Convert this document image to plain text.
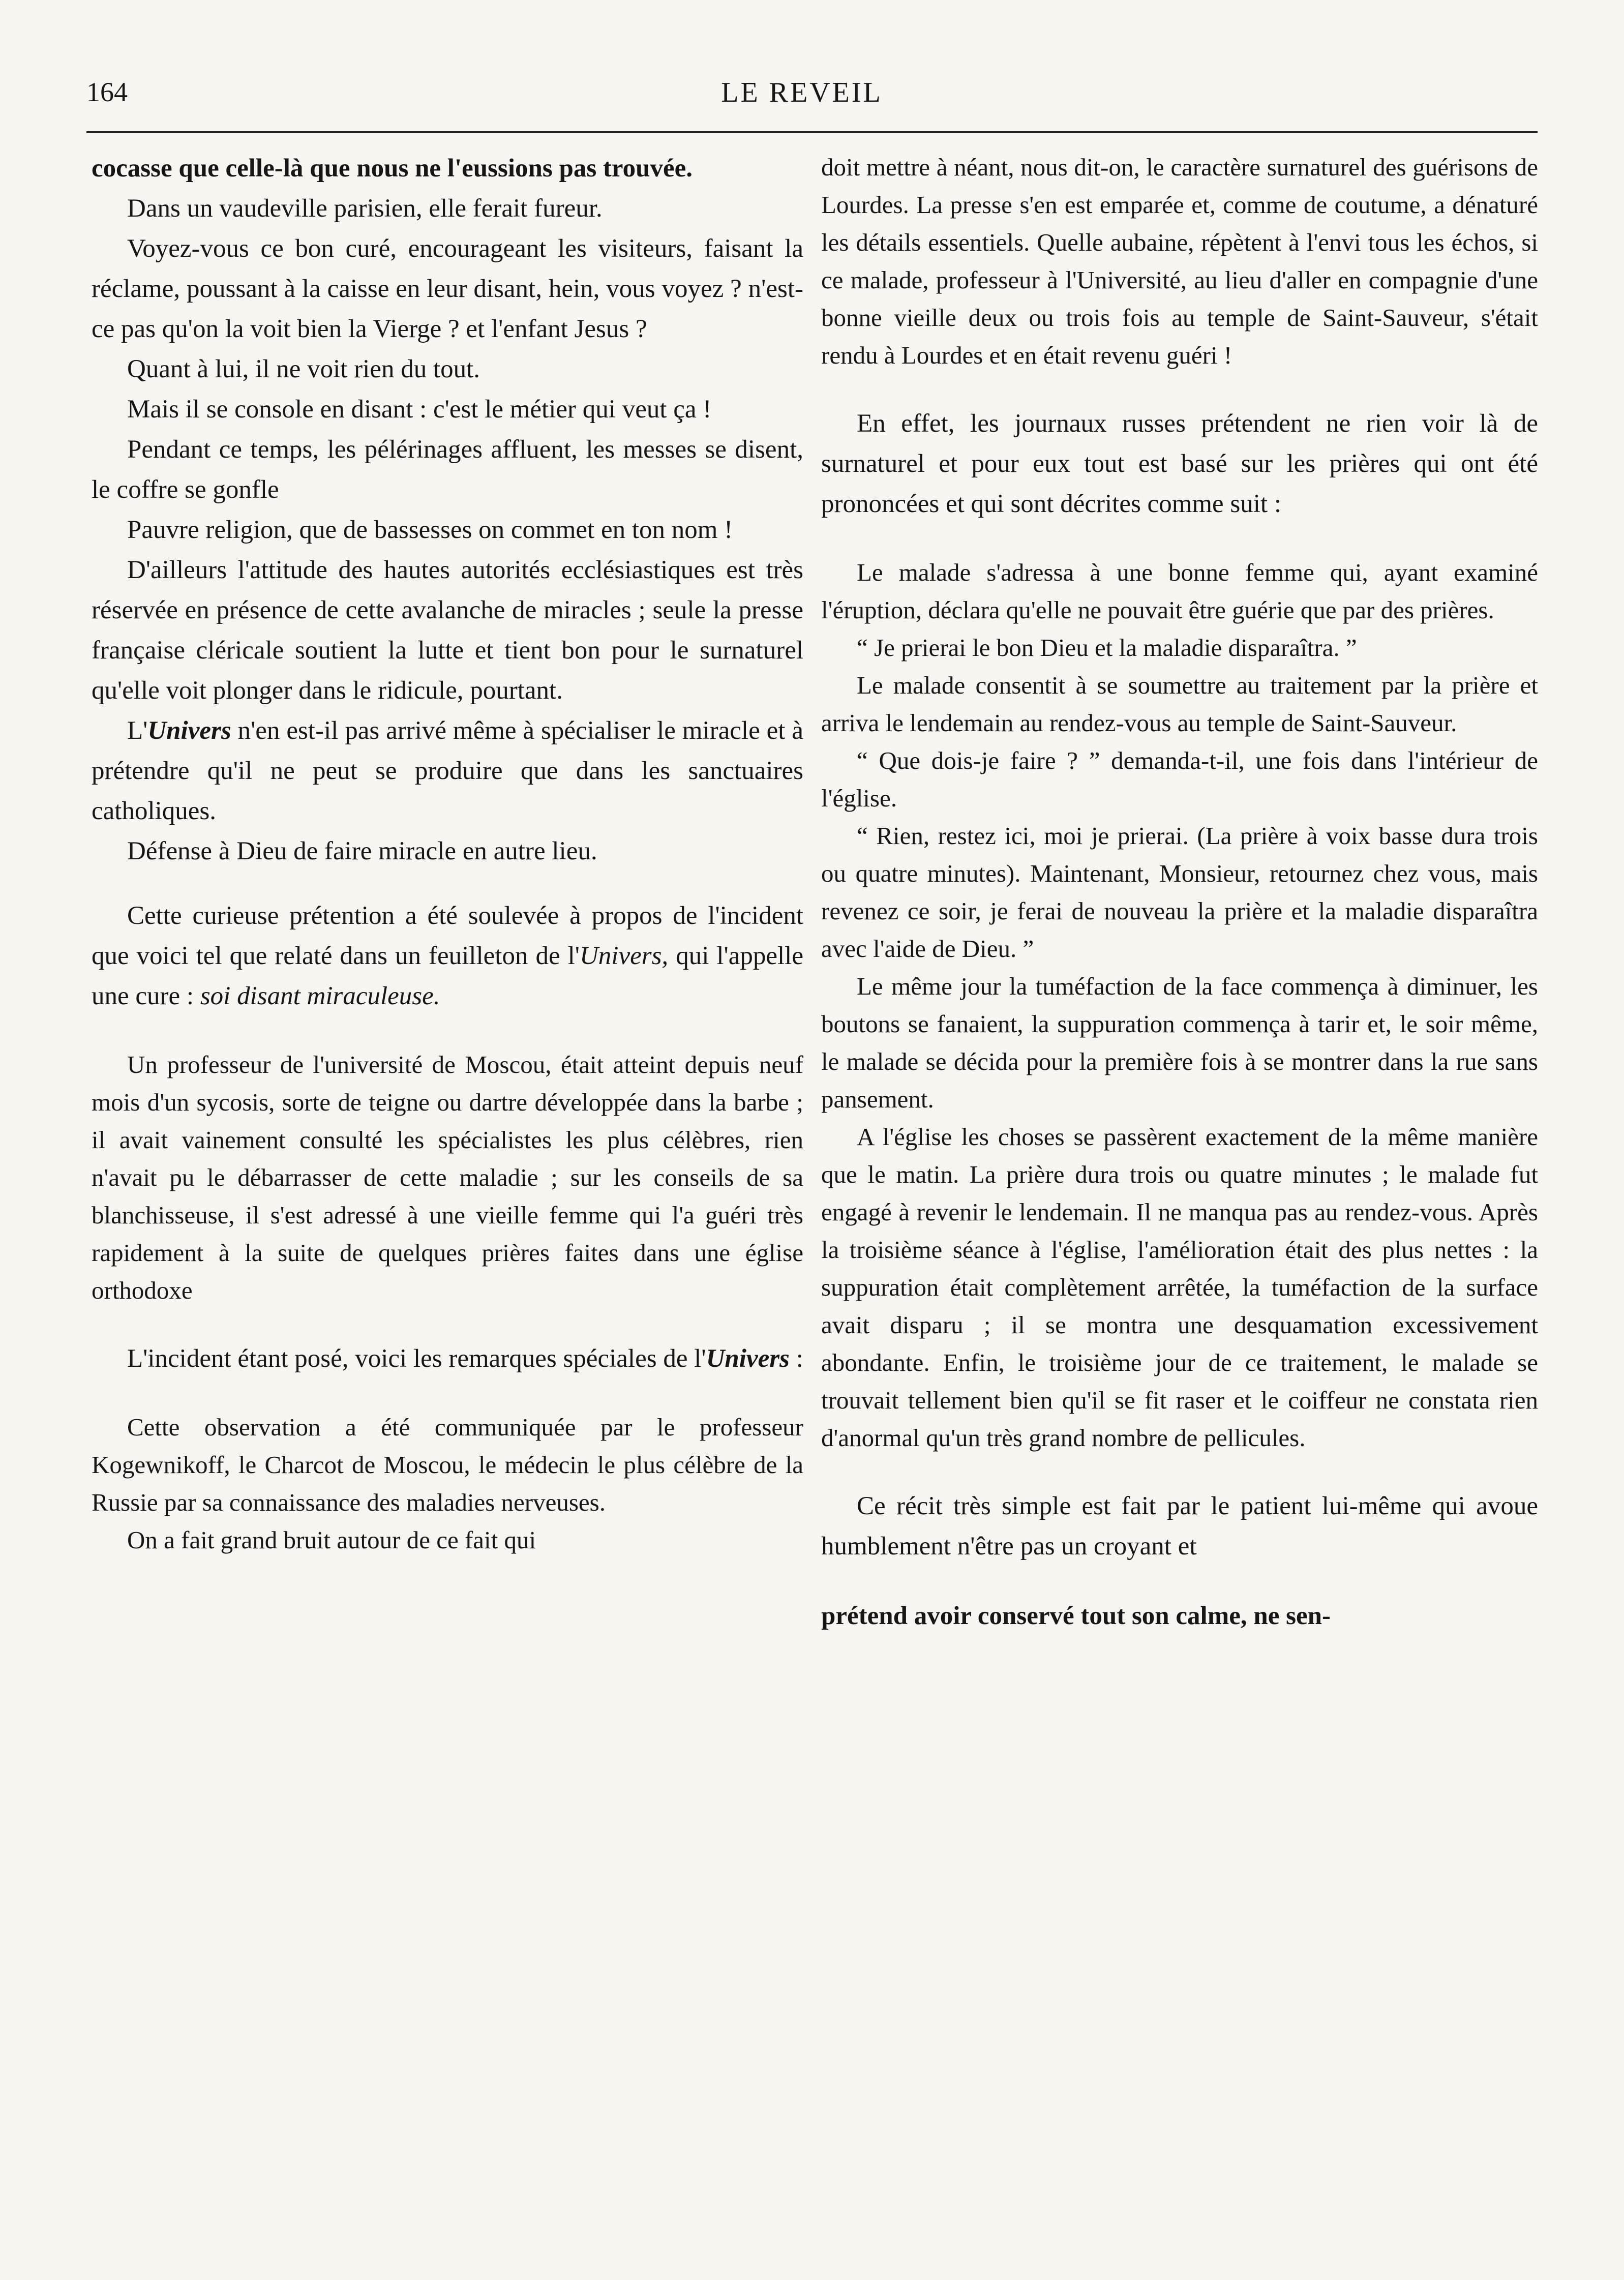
164	LE REVEIL

cocasse que celle-là que nous ne l'eussions pas trouvée.

Dans un vaudeville parisien, elle ferait fureur.

Voyez-vous ce bon curé, encourageant les visiteurs, faisant la réclame, poussant à la caisse en leur disant, hein, vous voyez ? n'est-ce pas qu'on la voit bien la Vierge ? et l'enfant Jesus ?

Quant à lui, il ne voit rien du tout.

Mais il se console en disant : c'est le métier qui veut ça !

Pendant ce temps, les pélérinages affluent, les messes se disent, le coffre se gonfle

Pauvre religion, que de bassesses on commet en ton nom !

D'ailleurs l'attitude des hautes autorités ecclésiastiques est très réservée en présence de cette avalanche de miracles ; seule la presse française cléricale soutient la lutte et tient bon pour le surnaturel qu'elle voit plonger dans le ridicule, pourtant.

L'Univers n'en est-il pas arrivé même à spécialiser le miracle et à prétendre qu'il ne peut se produire que dans les sanctuaires catholiques.

Défense à Dieu de faire miracle en autre lieu.

Cette curieuse prétention a été soulevée à propos de l'incident que voici tel que relaté dans un feuilleton de l'Univers, qui l'appelle une cure : soi disant miraculeuse.

Un professeur de l'université de Moscou, était atteint depuis neuf mois d'un sycosis, sorte de teigne ou dartre développée dans la barbe ; il avait vainement consulté les spécialistes les plus célèbres, rien n'avait pu le débarrasser de cette maladie ; sur les conseils de sa blanchisseuse, il s'est adressé à une vieille femme qui l'a guéri très rapidement à la suite de quelques prières faites dans une église orthodoxe

L'incident étant posé, voici les remarques spéciales de l'Univers :

Cette observation a été communiquée par le professeur Kogewnikoff, le Charcot de Moscou, le médecin le plus célèbre de la Russie par sa connaissance des maladies nerveuses.

On a fait grand bruit autour de ce fait qui

doit mettre à néant, nous dit-on, le caractère surnaturel des guérisons de Lourdes. La presse s'en est emparée et, comme de coutume, a dénaturé les détails essentiels. Quelle aubaine, répètent à l'envi tous les échos, si ce malade, professeur à l'Université, au lieu d'aller en compagnie d'une bonne vieille deux ou trois fois au temple de Saint-Sauveur, s'était rendu à Lourdes et en était revenu guéri !

En effet, les journaux russes prétendent ne rien voir là de surnaturel et pour eux tout est basé sur les prières qui ont été prononcées et qui sont décrites comme suit :

Le malade s'adressa à une bonne femme qui, ayant examiné l'éruption, déclara qu'elle ne pouvait être guérie que par des prières.

“ Je prierai le bon Dieu et la maladie disparaîtra. ”

Le malade consentit à se soumettre au traitement par la prière et arriva le lendemain au rendez-vous au temple de Saint-Sauveur.

“ Que dois-je faire ? ” demanda-t-il, une fois dans l'intérieur de l'église.

“ Rien, restez ici, moi je prierai. (La prière à voix basse dura trois ou quatre minutes). Maintenant, Monsieur, retournez chez vous, mais revenez ce soir, je ferai de nouveau la prière et la maladie disparaîtra avec l'aide de Dieu. ”

Le même jour la tuméfaction de la face commença à diminuer, les boutons se fanaient, la suppuration commença à tarir et, le soir même, le malade se décida pour la première fois à se montrer dans la rue sans pansement.

A l'église les choses se passèrent exactement de la même manière que le matin. La prière dura trois ou quatre minutes ; le malade fut engagé à revenir le lendemain. Il ne manqua pas au rendez-vous. Après la troisième séance à l'église, l'amélioration était des plus nettes : la suppuration était complètement arrêtée, la tuméfaction de la surface avait disparu ; il se montra une desquamation excessivement abondante. Enfin, le troisième jour de ce traitement, le malade se trouvait tellement bien qu'il se fit raser et le coiffeur ne constata rien d'anormal qu'un très grand nombre de pellicules.

Ce récit très simple est fait par le patient lui-même qui avoue humblement n'être pas un croyant et

prétend avoir conservé tout son calme, ne sen-
